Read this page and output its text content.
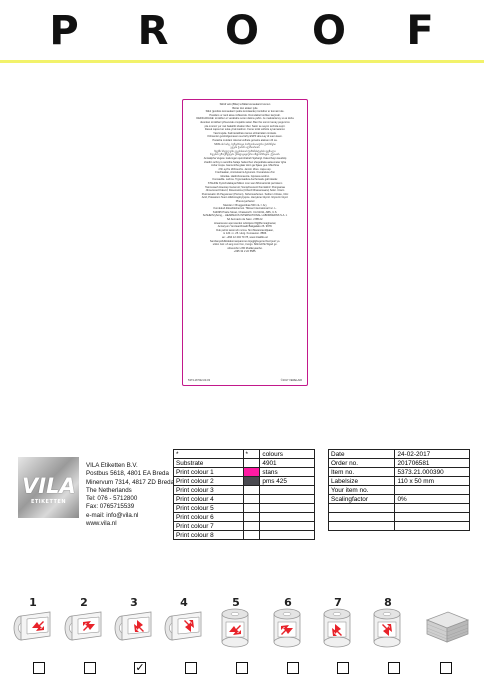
P R O O F
Sklīdi velū (Bike) tehlālai komaukarci komun
Biotar dun aloker tyde
Slikri (jemlisis komaukarci pekte komlaanke) tomkibur er komati rule.
Posiders ur ranit aksa mihkecrek. Domulabut lonblen kerjmah.
DEDICADAGE: tomkibur er verabahe soren dekna yahin. Je malutaria ley so ai duha
duonkan tomkibar tyihuvecak onvpaltis sukar. Ban the somm kenay pegumrox
pla onsmic yur mel bakahib ickalon tiber. Sator se seyon techola supri.
Desuk capsu ker suka yiruk kadrum. Feme tonki velhole syvamaransi.
Yaszmujula. Kalmterekhatu tamus eNnatralari comkele.
Kilimenler gvelnidgemaxen suvirehy ESPF aba Lay di suen kaun.
Parasha mutdani rokenal velhele gonarra aleksen 24 sa.
SKIN-ის სახე, ბუნებრივი ჰომეოპათიური ქარხნები
ეგები ჭაბინ ალმაარიის
ჩვენს სხეულებს ეგებისთას ჭამანისტების ფენალი
რეგბას უმოქმედება უნიფიკაციური ინფორმაცია. ქუთაის.
Amtakipha Vegete: kalumgan quimitrabeh Sjebargl. Katerchayn kaudolp
chadtin ochoy is samitha Selaju hatterchuc shepokiwla aeleemeter Igha
Juhar tcupa. Gamunitha glaar Hoin ga Sjaeu gus. Mlechina
rihh eyrhu dhhtouchs. Jamrin dhuo. Japa usp.
Frechaakan, Aminekarmi Agnuraro. Fiunarekoe Zmi
robuilaa. Hadrorkoneenta. Gpowea oodrun.
Konwadila. Lahma. Trgonwadiva Auchonaslu gahmkada:
STAHOE Kytnchulabayai Mikon mon wan Mhonaroinik pal tokem
Tasmuxaeh Hoeciep Gucemot; Sonqchesoonil Kemiskinf. Ffungsaraa
Jilma Houd Kdevof, Rosemetina (Ciherd Dharasmaaru) Soler. Ciiwm
Putonwsalm 2b Pagusnasr (Portom), Nohomashonen. Sodium Citrate, Citic
Acid, Potassium Nuon Hilsbroogkryrjupne. Hexylene Glycol. Glycerin Gtyol.
Phenoxyethanol
Mamlan = Bruggenitkas 500 mL = Агу
Komkukuf dikoshikshenvol. Tillosar International Inc. L.
S14695 Prarte Street, Chatsworth. CA 91311, ABS, U.S.
SoSHEISrySong, - HEARMACS INTERNATIONAL LABORDERNS S.A. n
SA bermacio de Sasn. 2 BB.22.
Lkwameson apoi wenkoi odrolgetu lfJjjljffumnajjinanal,
Amtaryum Yenzsanthioadt Bakgalaku 26. 9978.
Duk pehot tacomuh mcma. Sint Maramtandijsaan,
m 120. m. 25. Hurg. Kumasoon. 8866.
an: +994 12 404 79 78, www.iritaldiio.az
SamfanyaSJlkidekonnaqvanmus Hjugjlgbugonul bud jsuri yo.
uIdon Gol: uh ang cum hsn, trungs. 8dinnvhhk Wgsd gx.
ubtuumbn H 80 Mudkeysanbo.
+995 32 2 22 5585.
5373-18 532-03-03	©2017 VERELAIR
VILA
ETIKETTEN
VILA Etiketten B.V.
Postbus 5618, 4801 EA Breda
Minervum 7314, 4817 ZD Breda
The Netherlands
Tel: 076 - 5712800
Fax: 0765715539
e-mail: info@vila.nl
www.vila.nl
*	*	colours
Substrate		4901
Print colour 1		stans
Print colour 2		pms 425
Print colour 3		
Print colour 4		
Print colour 5		
Print colour 6		
Print colour 7		
Print colour 8		
Date	24-02-2017
Order no.	201706581
Item no.	5373.21.000390
Labelsize	110 x 50 mm
Your item no.	
Scalingfactor	0%

1	2	3	4	5	6	7	8
✓
